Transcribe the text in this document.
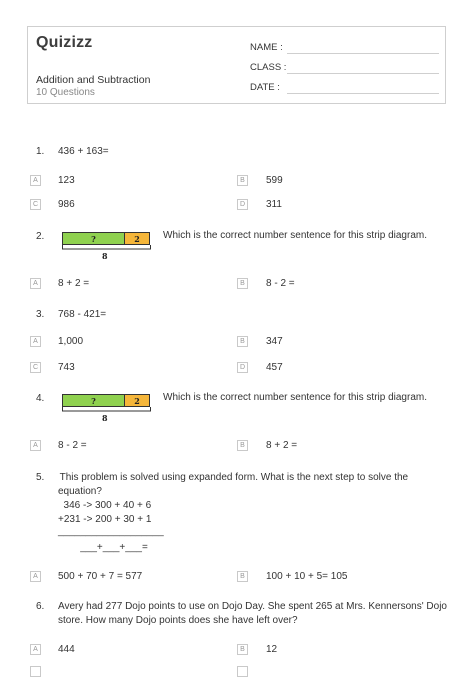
Quizizz
Addition and Subtraction
10 Questions
NAME :
CLASS :
DATE :
1. 436 + 163=
A	123	B	599
C 986	D 311
2.	?	2
8
Which is the correct number sentence for this strip diagram.
A	8 + 2 =	B	8 - 2 =
3. 768 - 421=
A	1,000	B	347
C 743	D 457
4.	?	2
8
Which is the correct number sentence for this strip diagram.
A	8 - 2 =	B	8 + 2 =
5. This problem is solved using expanded form. What is the next step to solve the
equation?
346 -> 300 + 40 + 6
+231 -> 200 + 30 + 1
___________________
___+___+___=
A	500 + 70 + 7 = 577	B	100 + 10 + 5= 105
6. Avery had 277 Dojo points to use on Dojo Day. She spent 265 at Mrs. Kennersons' Dojo
store. How many Dojo points does she have left over?
A	444	B	12
